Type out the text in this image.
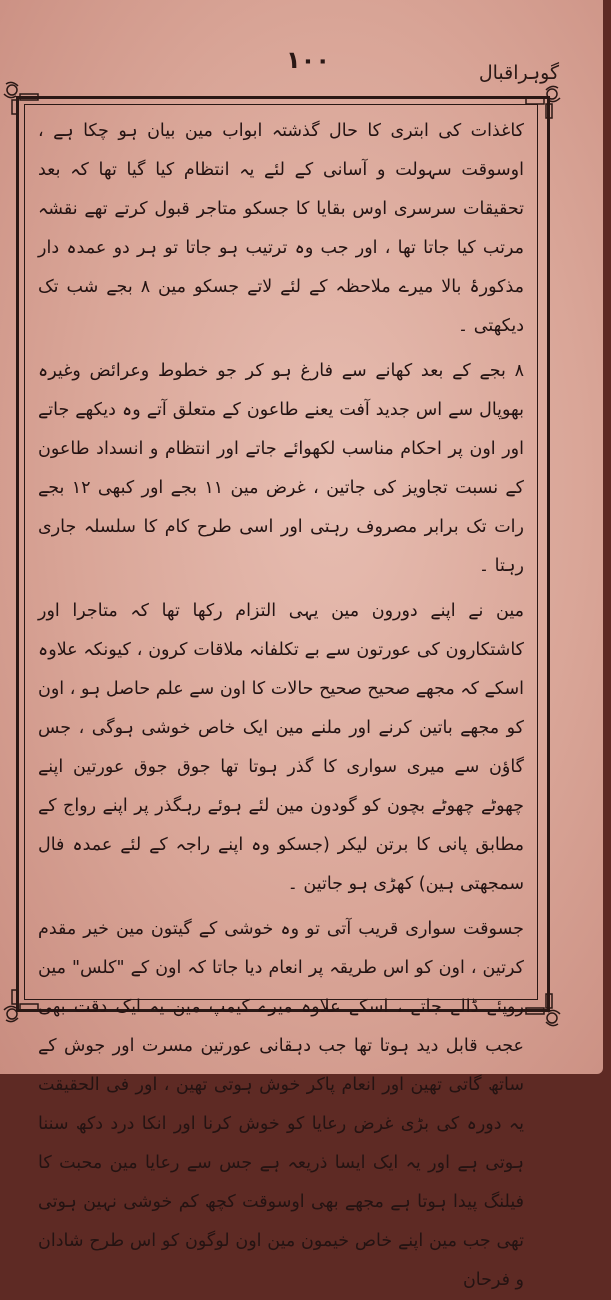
۱۰۰	گوہراقبال

کاغذات کی ابتری کا حال گذشتہ ابواب مین بیان ہو چکا ہے ، اوسوقت سہولت و آسانی کے لئے یہ انتظام کیا گیا تھا کہ بعد تحقیقات سرسری اوس بقایا کا جسکو متاجر قبول کرتے تھے نقشہ مرتب کیا جاتا تھا ، اور جب وہ ترتیب ہو جاتا تو ہر دو عمدہ دار مذکورۂ بالا میرے ملاحظہ کے لئے لاتے جسکو مین ۸ بجے شب تک دیکھتی ۔

۸ بجے کے بعد کھانے سے فارغ ہو کر جو خطوط وعرائض وغیرہ بھوپال سے اس جدید آفت یعنے طاعون کے متعلق آتے وہ دیکھے جاتے اور اون پر احکام مناسب لکھوائے جاتے اور انتظام و انسداد طاعون کے نسبت تجاویز کی جاتین ، غرض مین ۱۱ بجے اور کبھی ۱۲ بجے رات تک برابر مصروف رہتی اور اسی طرح کام کا سلسلہ جاری رہتا ۔

مین نے اپنے دورون مین یہی التزام رکھا تھا کہ متاجرا اور کاشتکارون کی عورتون سے بے تکلفانہ ملاقات کرون ، کیونکہ علاوہ اسکے کہ مجھے صحیح صحیح حالات کا اون سے علم حاصل ہو ، اون کو مجھے باتین کرنے اور ملنے مین ایک خاص خوشی ہوگی ، جس گاؤن سے میری سواری کا گذر ہوتا تھا جوق جوق عورتین اپنے چھوٹے چھوٹے بچون کو گودون مین لئے ہوئے رہگذر پر اپنے رواج کے مطابق پانی کا برتن لیکر (جسکو وہ اپنے راجہ کے لئے عمدہ فال سمجھتی ہین) کھڑی ہو جاتین ۔

جسوقت سواری قریب آتی تو وہ خوشی کے گیتون مین خیر مقدم کرتین ، اون کو اس طریقہ پر انعام دیا جاتا کہ اون کے "کلس" مین روپئے ڈالے جاتے ، اسکے علاوہ میرے کیمپ مین یہ ایک دقت بھی عجب قابل دید ہوتا تھا جب دہقانی عورتین مسرت اور جوش کے ساتھ گاتی تھین اور انعام پاکر خوش ہوتی تھین ، اور فی الحقیقت یہ دورہ کی بڑی غرض رعایا کو خوش کرنا اور انکا درد دکھ سننا ہوتی ہے اور یہ ایک ایسا ذریعہ ہے جس سے رعایا مین محبت کا فیلنگ پیدا ہوتا ہے مجھے بھی اوسوقت کچھ کم خوشی نہین ہوتی تھی جب مین اپنے خاص خیمون مین اون لوگون کو اس طرح شادان و فرحان
